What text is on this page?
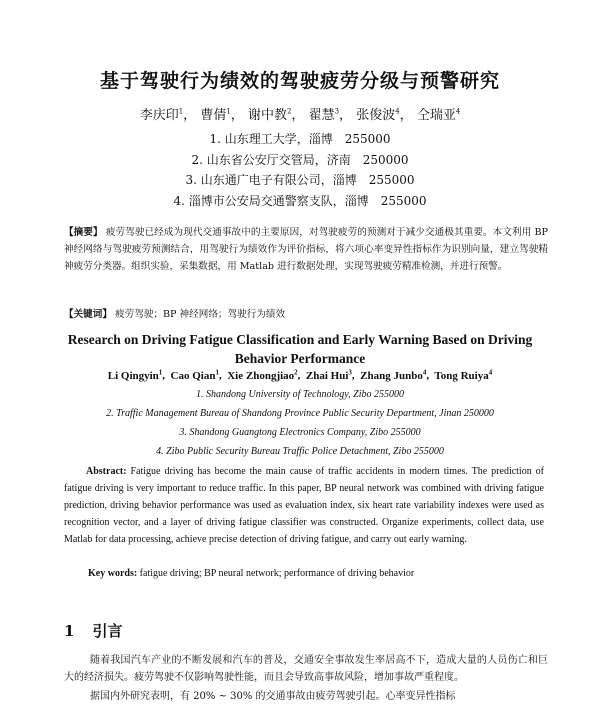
基于驾驶行为绩效的驾驶疲劳分级与预警研究
李庆印$^1$， 曹倩$^1$， 谢中教$^2$， 翟慧$^3$， 张俊波$^4$， 仝瑞亚$^4$
1. 山东理工大学，淄博　255000
2. 山东省公安厅交管局，济南　250000
3. 山东通广电子有限公司，淄博　255000
4. 淄博市公安局交通警察支队，淄博　255000
【摘要】 疲劳驾驶已经成为现代交通事故中的主要原因，对驾驶疲劳的预测对于减少交通极其重要。本文利用 BP 神经网络与驾驶疲劳预测结合，用驾驶行为绩效作为评价指标，将六项心率变异性指标作为识别向量，建立驾驶精神疲劳分类器。组织实验，采集数据，用 Matlab 进行数据处理，实现驾驶疲劳精准检测，并进行预警。
【关键词】 疲劳驾驶；BP 神经网络；驾驶行为绩效
Research on Driving Fatigue Classification and Early Warning Based on Driving Behavior Performance
Li Qingyin$^1$,  Cao Qian$^1$,  Xie Zhongjiao$^2$,  Zhai Hui$^3$,  Zhang Junbo$^4$,  Tong Ruiya$^4$
1. Shandong University of Technology, Zibo 255000
2. Traffic Management Bureau of Shandong Province Public Security Department, Jinan 250000
3. Shandong Guangtong Electronics Company, Zibo 255000
4. Zibo Public Security Bureau Traffic Police Detachment, Zibo 255000

Abstract: Fatigue driving has become the main cause of traffic accidents in modern times. The prediction of fatigue driving is very important to reduce traffic. In this paper, BP neural network was combined with driving fatigue prediction, driving behavior performance was used as evaluation index, six heart rate variability indexes were used as recognition vector, and a layer of driving fatigue classifier was constructed. Organize experiments, collect data, use Matlab for data processing, achieve precise detection of driving fatigue, and carry out early warning.

Key words: fatigue driving; BP neural network; performance of driving behavior
1 引言

随着我国汽车产业的不断发展和汽车的普及，交通安全事故发生率居高不下，造成大量的人员伤亡和巨大的经济损失。疲劳驾驶不仅影响驾驶性能，而且会导致高事故风险，增加事故严重程度。

据国内外研究表明，有 20% ~ 30% 的交通事故由疲劳驾驶引起。心率变异性指标
